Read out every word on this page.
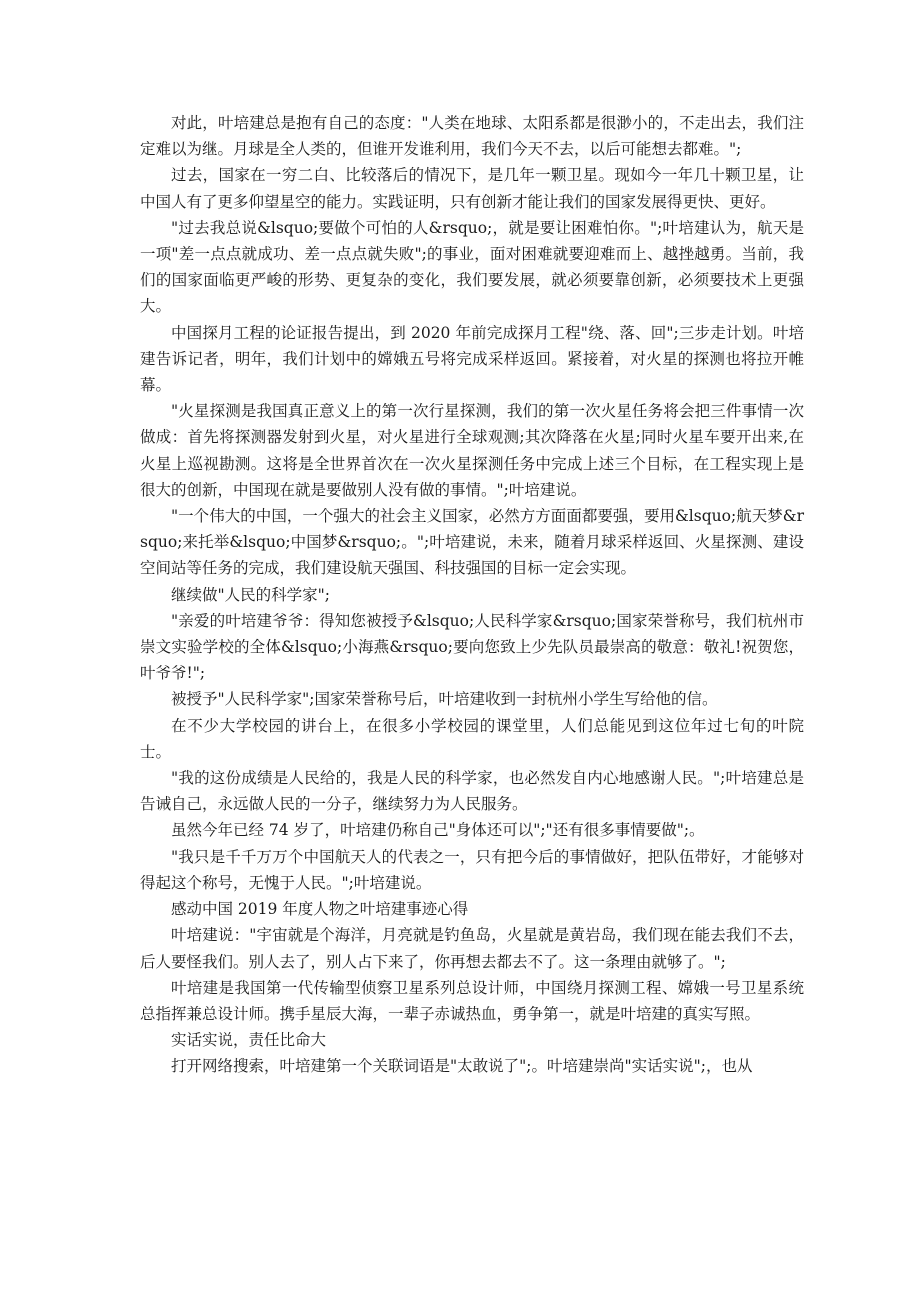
对此，叶培建总是抱有自己的态度："人类在地球、太阳系都是很渺小的，不走出去，我们注定难以为继。月球是全人类的，但谁开发谁利用，我们今天不去，以后可能想去都难。";

过去，国家在一穷二白、比较落后的情况下，是几年一颗卫星。现如今一年几十颗卫星，让中国人有了更多仰望星空的能力。实践证明，只有创新才能让我们的国家发展得更快、更好。

"过去我总说&lsquo;要做个可怕的人&rsquo;，就是要让困难怕你。";叶培建认为，航天是一项"差一点点就成功、差一点点就失败";的事业，面对困难就要迎难而上、越挫越勇。当前，我们的国家面临更严峻的形势、更复杂的变化，我们要发展，就必须要靠创新，必须要技术上更强大。

中国探月工程的论证报告提出，到 2020 年前完成探月工程"绕、落、回";三步走计划。叶培建告诉记者，明年，我们计划中的嫦娥五号将完成采样返回。紧接着，对火星的探测也将拉开帷幕。

"火星探测是我国真正意义上的第一次行星探测，我们的第一次火星任务将会把三件事情一次做成：首先将探测器发射到火星，对火星进行全球观测;其次降落在火星;同时火星车要开出来,在火星上巡视勘测。这将是全世界首次在一次火星探测任务中完成上述三个目标，在工程实现上是很大的创新，中国现在就是要做别人没有做的事情。";叶培建说。

"一个伟大的中国，一个强大的社会主义国家，必然方方面面都要强，要用&lsquo;航天梦&rsquo;来托举&lsquo;中国梦&rsquo;。";叶培建说，未来，随着月球采样返回、火星探测、建设空间站等任务的完成，我们建设航天强国、科技强国的目标一定会实现。

继续做"人民的科学家";

"亲爱的叶培建爷爷：得知您被授予&lsquo;人民科学家&rsquo;国家荣誉称号，我们杭州市崇文实验学校的全体&lsquo;小海燕&rsquo;要向您致上少先队员最崇高的敬意：敬礼!祝贺您，叶爷爷!";

被授予"人民科学家";国家荣誉称号后，叶培建收到一封杭州小学生写给他的信。

在不少大学校园的讲台上，在很多小学校园的课堂里，人们总能见到这位年过七旬的叶院士。

"我的这份成绩是人民给的，我是人民的科学家，也必然发自内心地感谢人民。";叶培建总是告诫自己，永远做人民的一分子，继续努力为人民服务。

虽然今年已经 74 岁了，叶培建仍称自己"身体还可以";"还有很多事情要做";。

"我只是千千万万个中国航天人的代表之一，只有把今后的事情做好，把队伍带好，才能够对得起这个称号，无愧于人民。";叶培建说。

感动中国 2019 年度人物之叶培建事迹心得

叶培建说："宇宙就是个海洋，月亮就是钓鱼岛，火星就是黄岩岛，我们现在能去我们不去，后人要怪我们。别人去了，别人占下来了，你再想去都去不了。这一条理由就够了。";

叶培建是我国第一代传输型侦察卫星系列总设计师，中国绕月探测工程、嫦娥一号卫星系统总指挥兼总设计师。携手星辰大海，一辈子赤诚热血，勇争第一，就是叶培建的真实写照。

实话实说，责任比命大

打开网络搜索，叶培建第一个关联词语是"太敢说了";。叶培建崇尚"实话实说";，也从
